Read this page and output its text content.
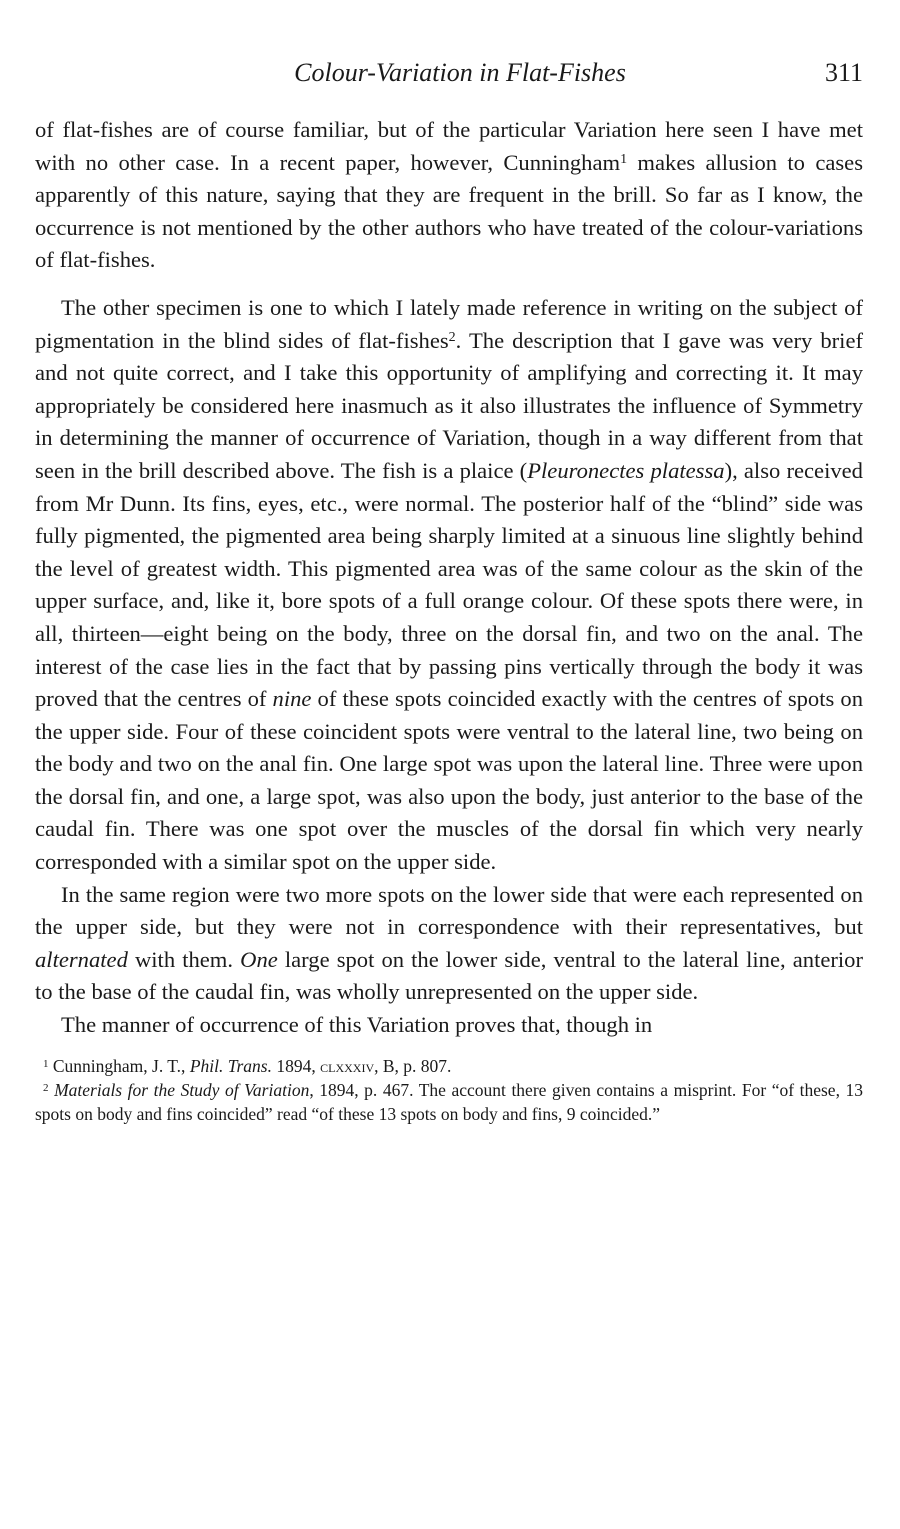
Colour-Variation in Flat-Fishes	311

of flat-fishes are of course familiar, but of the particular Variation here seen I have met with no other case. In a recent paper, however, Cunningham$^1$ makes allusion to cases apparently of this nature, saying that they are frequent in the brill. So far as I know, the occurrence is not mentioned by the other authors who have treated of the colour-variations of flat-fishes.

The other specimen is one to which I lately made reference in writing on the subject of pigmentation in the blind sides of flat-fishes$^2$. The description that I gave was very brief and not quite correct, and I take this opportunity of amplifying and correcting it. It may appropriately be considered here inasmuch as it also illustrates the influence of Symmetry in determining the manner of occurrence of Variation, though in a way different from that seen in the brill described above. The fish is a plaice (Pleuronectes platessa), also received from Mr Dunn. Its fins, eyes, etc., were normal. The posterior half of the “blind” side was fully pigmented, the pigmented area being sharply limited at a sinuous line slightly behind the level of greatest width. This pigmented area was of the same colour as the skin of the upper surface, and, like it, bore spots of a full orange colour. Of these spots there were, in all, thirteen—eight being on the body, three on the dorsal fin, and two on the anal. The interest of the case lies in the fact that by passing pins vertically through the body it was proved that the centres of nine of these spots coincided exactly with the centres of spots on the upper side. Four of these coincident spots were ventral to the lateral line, two being on the body and two on the anal fin. One large spot was upon the lateral line. Three were upon the dorsal fin, and one, a large spot, was also upon the body, just anterior to the base of the caudal fin. There was one spot over the muscles of the dorsal fin which very nearly corresponded with a similar spot on the upper side.

In the same region were two more spots on the lower side that were each represented on the upper side, but they were not in correspondence with their representatives, but alternated with them. One large spot on the lower side, ventral to the lateral line, anterior to the base of the caudal fin, was wholly unrepresented on the upper side.

The manner of occurrence of this Variation proves that, though in

$^1$ Cunningham, J. T., Phil. Trans. 1894, clxxxiv, B, p. 807.

$^2$ Materials for the Study of Variation, 1894, p. 467. The account there given contains a misprint. For “of these, 13 spots on body and fins coincided” read “of these 13 spots on body and fins, 9 coincided.”
